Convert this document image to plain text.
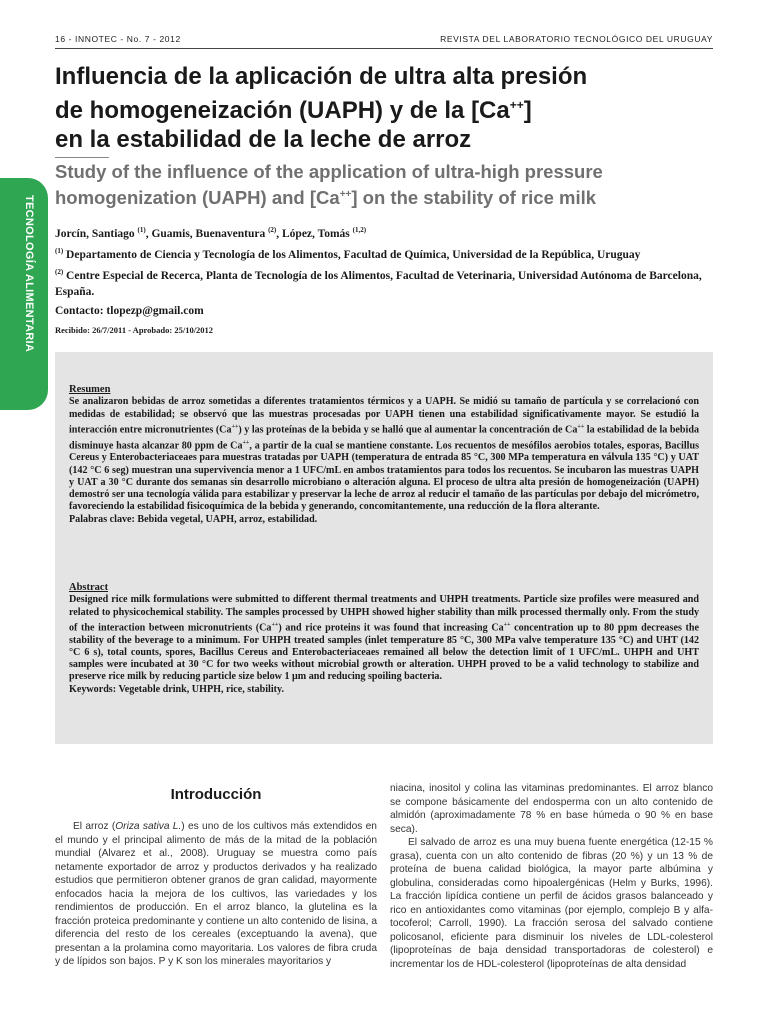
16 - INNOTEC - No. 7 - 2012	REVISTA DEL LABORATORIO TECNOLÓGICO DEL URUGUAY
TECNOLOGÍA ALIMENTARIA
Influencia de la aplicación de ultra alta presión
de homogeneización (UAPH) y de la [Ca++]
en la estabilidad de la leche de arroz
Study of the influence of the application of ultra-high pressure
homogenization (UAPH) and [Ca++] on the stability of rice milk

Jorcín, Santiago $^{(1)}$, Guamis, Buenaventura $^{(2)}$, López, Tomás $^{(1,2)}$

$^{(1)}$ Departamento de Ciencia y Tecnología de los Alimentos, Facultad de Química, Universidad de la República, Uruguay

$^{(2)}$ Centre Especial de Recerca, Planta de Tecnología de los Alimentos, Facultad de Veterinaria, Universidad Autónoma de Barcelona, España.

Contacto: tlopezp@gmail.com

Recibido: 26/7/2011 - Aprobado: 25/10/2012

Resumen

Se analizaron bebidas de arroz sometidas a diferentes tratamientos térmicos y a UAPH. Se midió su tamaño de partícula y se correlacionó con medidas de estabilidad; se observó que las muestras procesadas por UAPH tienen una estabilidad significativamente mayor. Se estudió la interacción entre micronutrientes (Ca++) y las proteínas de la bebida y se halló que al aumentar la concentración de Ca++ la estabilidad de la bebida disminuye hasta alcanzar 80 ppm de Ca++, a partir de la cual se mantiene constante. Los recuentos de mesófilos aerobios totales, esporas, Bacillus Cereus y Enterobacteriaceaes para muestras tratadas por UAPH (temperatura de entrada 85 °C, 300 MPa temperatura en válvula 135 °C) y UAT (142 °C 6 seg) muestran una supervivencia menor a 1 UFC/mL en ambos tratamientos para todos los recuentos. Se incubaron las muestras UAPH y UAT a 30 °C durante dos semanas sin desarrollo microbiano o alteración alguna. El proceso de ultra alta presión de homogeneización (UAPH) demostró ser una tecnología válida para estabilizar y preservar la leche de arroz al reducir el tamaño de las partículas por debajo del micrómetro, favoreciendo la estabilidad fisicoquímica de la bebida y generando, concomitantemente, una reducción de la flora alterante.

Palabras clave: Bebida vegetal, UAPH, arroz, estabilidad.

Abstract

Designed rice milk formulations were submitted to different thermal treatments and UHPH treatments. Particle size profiles were measured and related to physicochemical stability. The samples processed by UHPH showed higher stability than milk processed thermally only. From the study of the interaction between micronutrients (Ca++) and rice proteins it was found that increasing Ca++ concentration up to 80 ppm decreases the stability of the beverage to a minimum. For UHPH treated samples (inlet temperature 85 °C, 300 MPa valve temperature 135 °C) and UHT (142 °C 6 s), total counts, spores, Bacillus Cereus and Enterobacteriaceaes remained all below the detection limit of 1 UFC/mL. UHPH and UHT samples were incubated at 30 °C for two weeks without microbial growth or alteration. UHPH proved to be a valid technology to stabilize and preserve rice milk by reducing particle size below 1 μm and reducing spoiling bacteria.

Keywords: Vegetable drink, UHPH, rice, stability.

Introducción

El arroz (Oriza sativa L.) es uno de los cultivos más extendidos en el mundo y el principal alimento de más de la mitad de la población mundial (Alvarez et al., 2008). Uruguay se muestra como país netamente exportador de arroz y productos derivados y ha realizado estudios que permitieron obtener granos de gran calidad, mayormente enfocados hacia la mejora de los cultivos, las variedades y los rendimientos de producción. En el arroz blanco, la glutelina es la fracción proteica predominante y contiene un alto contenido de lisina, a diferencia del resto de los cereales (exceptuando la avena), que presentan a la prolamina como mayoritaria. Los valores de fibra cruda y de lípidos son bajos. P y K son los minerales mayoritarios y

niacina, inositol y colina las vitaminas predominantes. El arroz blanco se compone básicamente del endosperma con un alto contenido de almidón (aproximadamente 78 % en base húmeda o 90 % en base seca).

El salvado de arroz es una muy buena fuente energética (12-15 % grasa), cuenta con un alto contenido de fibras (20 %) y un 13 % de proteína de buena calidad biológica, la mayor parte albúmina y globulina, consideradas como hipoalergénicas (Helm y Burks, 1996). La fracción lipídica contiene un perfil de ácidos grasos balanceado y rico en antioxidantes como vitaminas (por ejemplo, complejo B y alfa-tocoferol; Carroll, 1990). La fracción serosa del salvado contiene policosanol, eficiente para disminuir los niveles de LDL-colesterol (lipoproteínas de baja densidad transportadoras de colesterol) e incrementar los de HDL-colesterol (lipoproteínas de alta densidad
